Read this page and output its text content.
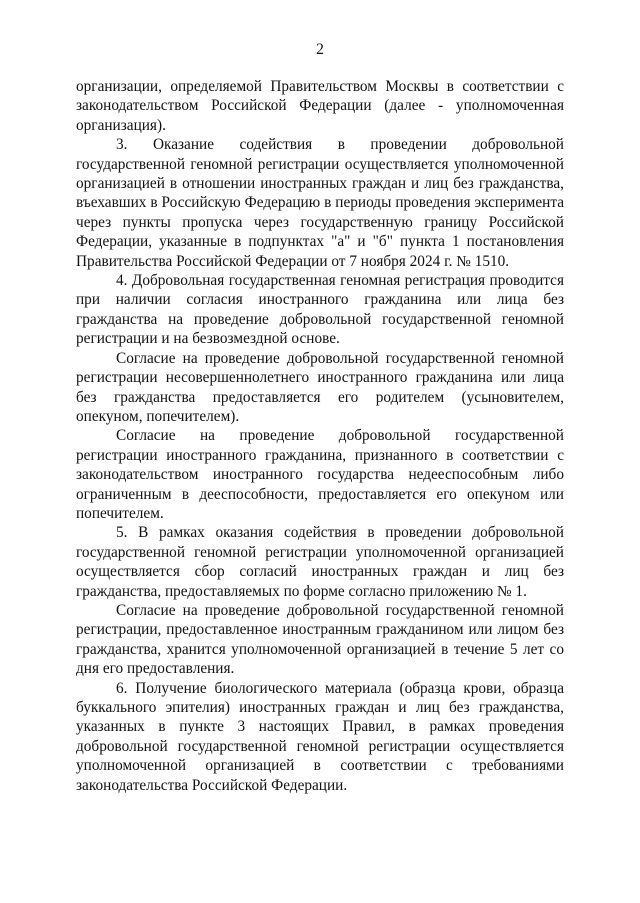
2

организации, определяемой Правительством Москвы в соответствии с законодательством Российской Федерации (далее - уполномоченная организация).

3. Оказание содействия в проведении добровольной государственной геномной регистрации осуществляется уполномоченной организацией в отношении иностранных граждан и лиц без гражданства, въехавших в Российскую Федерацию в периоды проведения эксперимента через пункты пропуска через государственную границу Российской Федерации, указанные в подпунктах "а" и "б" пункта 1 постановления Правительства Российской Федерации от 7 ноября 2024 г. № 1510.

4. Добровольная государственная геномная регистрация проводится при наличии согласия иностранного гражданина или лица без гражданства на проведение добровольной государственной геномной регистрации и на безвозмездной основе.

Согласие на проведение добровольной государственной геномной регистрации несовершеннолетнего иностранного гражданина или лица без гражданства предоставляется его родителем (усыновителем, опекуном, попечителем).

Согласие на проведение добровольной государственной регистрации иностранного гражданина, признанного в соответствии с законодательством иностранного государства недееспособным либо ограниченным в дееспособности, предоставляется его опекуном или попечителем.

5. В рамках оказания содействия в проведении добровольной государственной геномной регистрации уполномоченной организацией осуществляется сбор согласий иностранных граждан и лиц без гражданства, предоставляемых по форме согласно приложению № 1.

Согласие на проведение добровольной государственной геномной регистрации, предоставленное иностранным гражданином или лицом без гражданства, хранится уполномоченной организацией в течение 5 лет со дня его предоставления.

6. Получение биологического материала (образца крови, образца буккального эпителия) иностранных граждан и лиц без гражданства, указанных в пункте 3 настоящих Правил, в рамках проведения добровольной государственной геномной регистрации осуществляется уполномоченной организацией в соответствии с требованиями законодательства Российской Федерации.
